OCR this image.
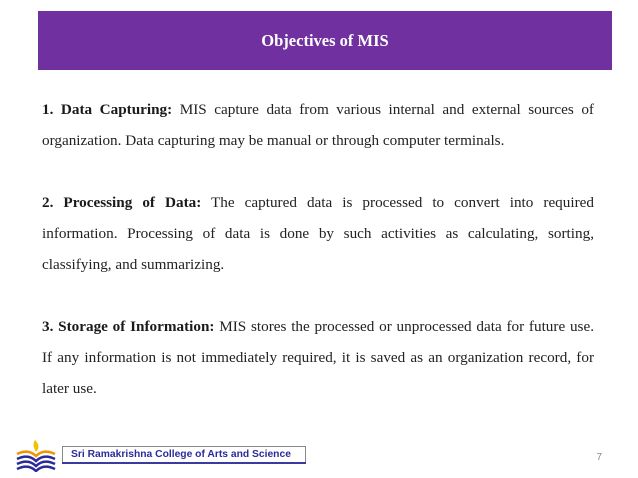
Objectives of MIS

1. Data Capturing: MIS capture data from various internal and external sources of organization. Data capturing may be manual or through computer terminals.

2. Processing of Data: The captured data is processed to convert into required information. Processing of data is done by such activities as calculating, sorting, classifying, and summarizing.

3. Storage of Information: MIS stores the processed or unprocessed data for future use. If any information is not immediately required, it is saved as an organization record, for later use.

Sri Ramakrishna College of Arts and Science	7
